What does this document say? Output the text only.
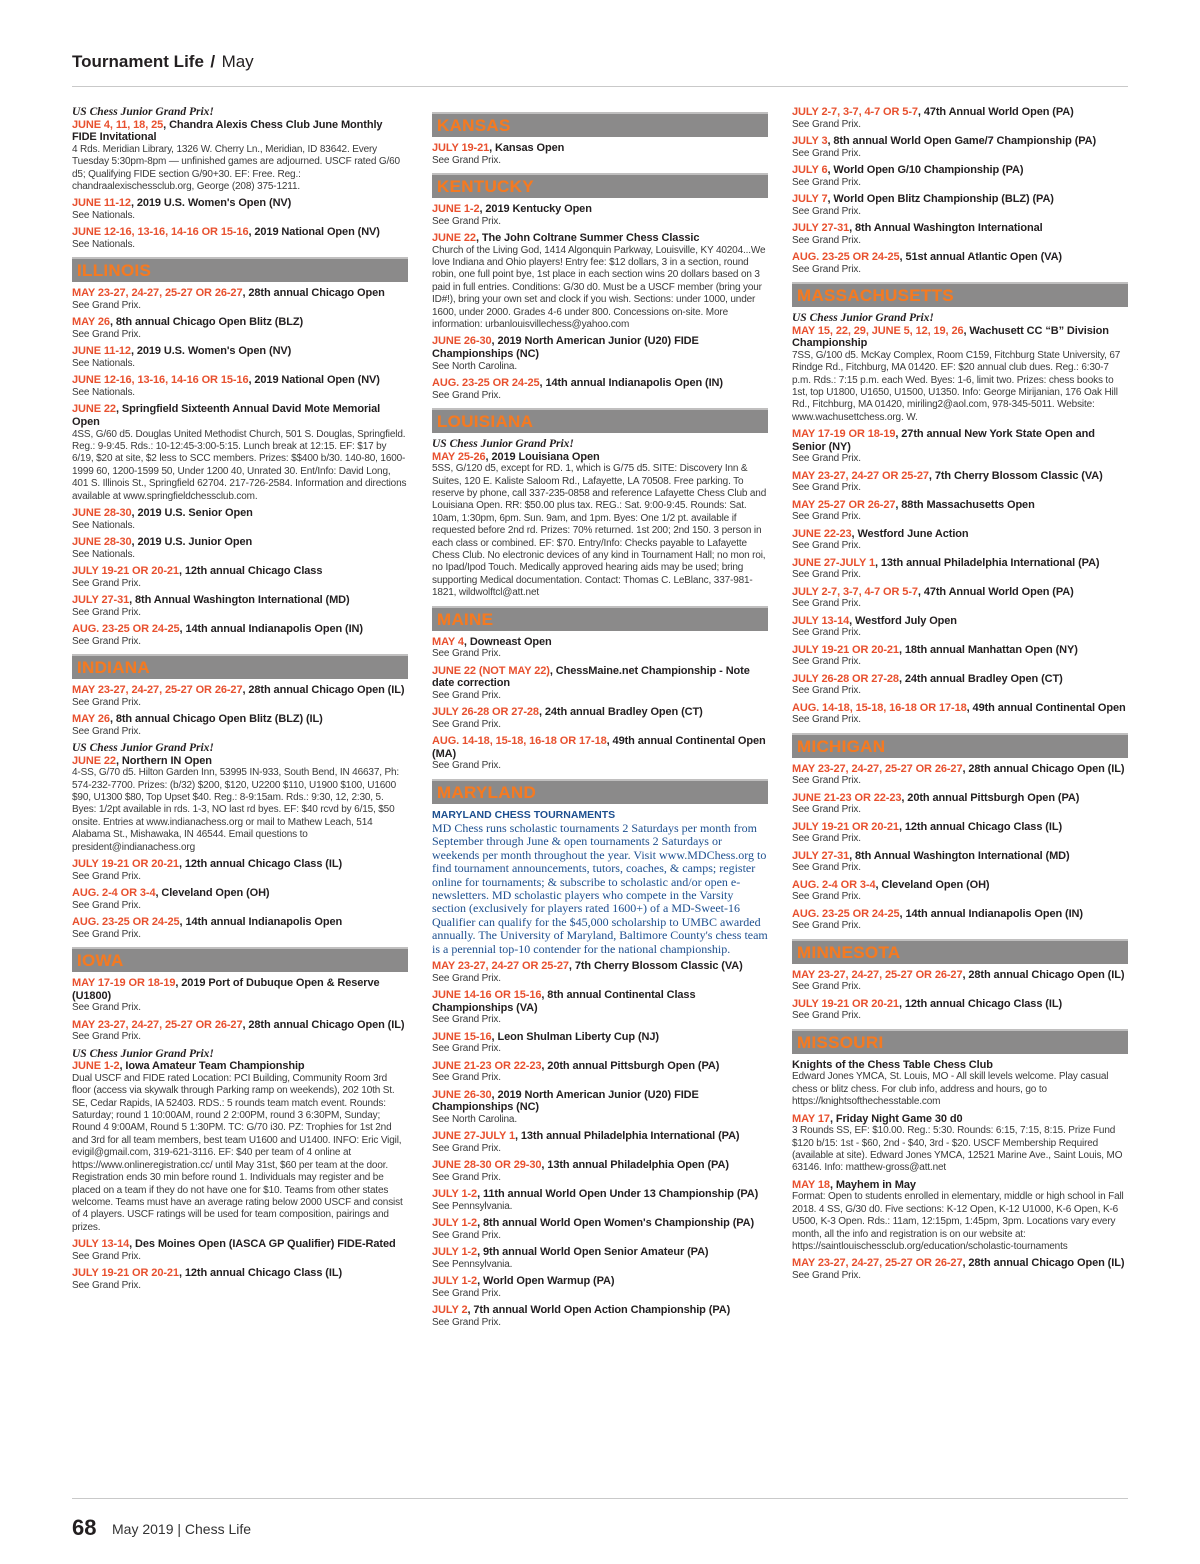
Tournament Life / May
US Chess Junior Grand Prix!
JUNE 4, 11, 18, 25, Chandra Alexis Chess Club June Monthly FIDE Invitational
4 Rds. Meridian Library, 1326 W. Cherry Ln., Meridian, ID 83642. Every Tuesday 5:30pm-8pm — unfinished games are adjourned. USCF rated G/60 d5; Qualifying FIDE section G/90+30. EF: Free. Reg.: chandraalexischessclub.org, George (208) 375-1211.
JUNE 11-12, 2019 U.S. Women's Open (NV)
See Nationals.
JUNE 12-16, 13-16, 14-16 OR 15-16, 2019 National Open (NV)
See Nationals.
ILLINOIS
MAY 23-27, 24-27, 25-27 OR 26-27, 28th annual Chicago Open
See Grand Prix.
MAY 26, 8th annual Chicago Open Blitz (BLZ)
See Grand Prix.
JUNE 11-12, 2019 U.S. Women's Open (NV)
See Nationals.
JUNE 12-16, 13-16, 14-16 OR 15-16, 2019 National Open (NV)
See Nationals.
JUNE 22, Springfield Sixteenth Annual David Mote Memorial Open
4SS, G/60 d5. Douglas United Methodist Church, 501 S. Douglas, Springfield. Reg.: 9-9:45. Rds.: 10-12:45-3:00-5:15. Lunch break at 12:15. EF: $17 by 6/19, $20 at site, $2 less to SCC members. Prizes: $$400 b/30. 140-80, 1600-1999 60, 1200-1599 50, Under 1200 40, Unrated 30. Ent/Info: David Long, 401 S. Illinois St., Springfield 62704. 217-726-2584. Information and directions available at www.springfieldchessclub.com.
JUNE 28-30, 2019 U.S. Senior Open
See Nationals.
JUNE 28-30, 2019 U.S. Junior Open
See Nationals.
JULY 19-21 OR 20-21, 12th annual Chicago Class
See Grand Prix.
JULY 27-31, 8th Annual Washington International (MD)
See Grand Prix.
AUG. 23-25 OR 24-25, 14th annual Indianapolis Open (IN)
See Grand Prix.
INDIANA
MAY 23-27, 24-27, 25-27 OR 26-27, 28th annual Chicago Open (IL)
See Grand Prix.
MAY 26, 8th annual Chicago Open Blitz (BLZ) (IL)
See Grand Prix.
US Chess Junior Grand Prix!
JUNE 22, Northern IN Open
4-SS, G/70 d5. Hilton Garden Inn, 53995 IN-933, South Bend, IN 46637, Ph: 574-232-7700. Prizes: (b/32) $200, $120, U2200 $110, U1900 $100, U1600 $90, U1300 $80, Top Upset $40. Reg.: 8-9:15am. Rds.: 9:30, 12, 2:30, 5. Byes: 1/2pt available in rds. 1-3, NO last rd byes. EF: $40 rcvd by 6/15, $50 onsite. Entries at www.indianachess.org or mail to Mathew Leach, 514 Alabama St., Mishawaka, IN 46544. Email questions to president@indianachess.org
JULY 19-21 OR 20-21, 12th annual Chicago Class (IL)
See Grand Prix.
AUG. 2-4 OR 3-4, Cleveland Open (OH)
See Grand Prix.
AUG. 23-25 OR 24-25, 14th annual Indianapolis Open
See Grand Prix.
IOWA
MAY 17-19 OR 18-19, 2019 Port of Dubuque Open & Reserve (U1800)
See Grand Prix.
MAY 23-27, 24-27, 25-27 OR 26-27, 28th annual Chicago Open (IL)
See Grand Prix.
US Chess Junior Grand Prix!
JUNE 1-2, Iowa Amateur Team Championship
Dual USCF and FIDE rated Location: PCI Building, Community Room 3rd floor (access via skywalk through Parking ramp on weekends), 202 10th St. SE, Cedar Rapids, IA 52403. RDS.: 5 rounds team match event. Rounds: Saturday; round 1 10:00AM, round 2 2:00PM, round 3 6:30PM, Sunday; Round 4 9:00AM, Round 5 1:30PM. TC: G/70 i30. PZ: Trophies for 1st 2nd and 3rd for all team members, best team U1600 and U1400. INFO: Eric Vigil, evigil@gmail.com, 319-621-3116. EF: $40 per team of 4 online at https://www.onlineregistration.cc/ until May 31st, $60 per team at the door. Registration ends 30 min before round 1. Individuals may register and be placed on a team if they do not have one for $10. Teams from other states welcome. Teams must have an average rating below 2000 USCF and consist of 4 players. USCF ratings will be used for team composition, pairings and prizes.
JULY 13-14, Des Moines Open (IASCA GP Qualifier) FIDE-Rated
See Grand Prix.
JULY 19-21 OR 20-21, 12th annual Chicago Class (IL)
See Grand Prix.
KANSAS
JULY 19-21, Kansas Open
See Grand Prix.
KENTUCKY
JUNE 1-2, 2019 Kentucky Open
See Grand Prix.
JUNE 22, The John Coltrane Summer Chess Classic
Church of the Living God, 1414 Algonquin Parkway, Louisville, KY 40204...We love Indiana and Ohio players! Entry fee: $12 dollars, 3 in a section, round robin, one full point bye, 1st place in each section wins 20 dollars based on 3 paid in full entries. Conditions: G/30 d0. Must be a USCF member (bring your ID#!), bring your own set and clock if you wish. Sections: under 1000, under 1600, under 2000. Grades 4-6 under 800. Concessions on-site. More information: urbanlouisvillechess@yahoo.com
JUNE 26-30, 2019 North American Junior (U20) FIDE Championships (NC)
See North Carolina.
AUG. 23-25 OR 24-25, 14th annual Indianapolis Open (IN)
See Grand Prix.
LOUISIANA
US Chess Junior Grand Prix!
MAY 25-26, 2019 Louisiana Open
5SS, G/120 d5, except for RD. 1, which is G/75 d5. SITE: Discovery Inn & Suites, 120 E. Kaliste Saloom Rd., Lafayette, LA 70508. Free parking. To reserve by phone, call 337-235-0858 and reference Lafayette Chess Club and Louisiana Open. RR: $50.00 plus tax. REG.: Sat. 9:00-9:45. Rounds: Sat. 10am, 1:30pm, 6pm. Sun. 9am, and 1pm. Byes: One 1/2 pt. available if requested before 2nd rd. Prizes: 70% returned. 1st 200; 2nd 150. 3 person in each class or combined. EF: $70. Entry/Info: Checks payable to Lafayette Chess Club. No electronic devices of any kind in Tournament Hall; no mon roi, no Ipad/Ipod Touch. Medically approved hearing aids may be used; bring supporting Medical documentation. Contact: Thomas C. LeBlanc, 337-981-1821, wildwolftcl@att.net
MAINE
MAY 4, Downeast Open
See Grand Prix.
JUNE 22 (NOT MAY 22), ChessMaine.net Championship - Note date correction
See Grand Prix.
JULY 26-28 OR 27-28, 24th annual Bradley Open (CT)
See Grand Prix.
AUG. 14-18, 15-18, 16-18 OR 17-18, 49th annual Continental Open (MA)
See Grand Prix.
MARYLAND
MARYLAND CHESS TOURNAMENTS
MD Chess runs scholastic tournaments 2 Saturdays per month from September through June & open tournaments 2 Saturdays or weekends per month throughout the year. Visit www.MDChess.org to find tournament announcements, tutors, coaches, & camps; register online for tournaments; & subscribe to scholastic and/or open e-newsletters. MD scholastic players who compete in the Varsity section (exclusively for players rated 1600+) of a MD-Sweet-16 Qualifier can qualify for the $45,000 scholarship to UMBC awarded annually. The University of Maryland, Baltimore County's chess team is a perennial top-10 contender for the national championship.
MAY 23-27, 24-27 OR 25-27, 7th Cherry Blossom Classic (VA)
See Grand Prix.
JUNE 14-16 OR 15-16, 8th annual Continental Class Championships (VA)
See Grand Prix.
JUNE 15-16, Leon Shulman Liberty Cup (NJ)
See Grand Prix.
JUNE 21-23 OR 22-23, 20th annual Pittsburgh Open (PA)
See Grand Prix.
JUNE 26-30, 2019 North American Junior (U20) FIDE Championships (NC)
See North Carolina.
JUNE 27-JULY 1, 13th annual Philadelphia International (PA)
See Grand Prix.
JUNE 28-30 OR 29-30, 13th annual Philadelphia Open (PA)
See Grand Prix.
JULY 1-2, 11th annual World Open Under 13 Championship (PA)
See Pennsylvania.
JULY 1-2, 8th annual World Open Women's Championship (PA)
See Grand Prix.
JULY 1-2, 9th annual World Open Senior Amateur (PA)
See Pennsylvania.
JULY 1-2, World Open Warmup (PA)
See Grand Prix.
JULY 2, 7th annual World Open Action Championship (PA)
See Grand Prix.
JULY 2-7, 3-7, 4-7 OR 5-7, 47th Annual World Open (PA)
See Grand Prix.
JULY 3, 8th annual World Open Game/7 Championship (PA)
See Grand Prix.
JULY 6, World Open G/10 Championship (PA)
See Grand Prix.
JULY 7, World Open Blitz Championship (BLZ) (PA)
See Grand Prix.
JULY 27-31, 8th Annual Washington International
See Grand Prix.
AUG. 23-25 OR 24-25, 51st annual Atlantic Open (VA)
See Grand Prix.
MASSACHUSETTS
US Chess Junior Grand Prix!
MAY 15, 22, 29, JUNE 5, 12, 19, 26, Wachusett CC “B” Division Championship
7SS, G/100 d5. McKay Complex, Room C159, Fitchburg State University, 67 Rindge Rd., Fitchburg, MA 01420. EF: $20 annual club dues. Reg.: 6:30-7 p.m. Rds.: 7:15 p.m. each Wed. Byes: 1-6, limit two. Prizes: chess books to 1st, top U1800, U1650, U1500, U1350. Info: George Mirijanian, 176 Oak Hill Rd., Fitchburg, MA 01420, miriling2@aol.com, 978-345-5011. Website: www.wachusettchess.org. W.
MAY 17-19 OR 18-19, 27th annual New York State Open and Senior (NY)
See Grand Prix.
MAY 23-27, 24-27 OR 25-27, 7th Cherry Blossom Classic (VA)
See Grand Prix.
MAY 25-27 OR 26-27, 88th Massachusetts Open
See Grand Prix.
JUNE 22-23, Westford June Action
See Grand Prix.
JUNE 27-JULY 1, 13th annual Philadelphia International (PA)
See Grand Prix.
JULY 2-7, 3-7, 4-7 OR 5-7, 47th Annual World Open (PA)
See Grand Prix.
JULY 13-14, Westford July Open
See Grand Prix.
JULY 19-21 OR 20-21, 18th annual Manhattan Open (NY)
See Grand Prix.
JULY 26-28 OR 27-28, 24th annual Bradley Open (CT)
See Grand Prix.
AUG. 14-18, 15-18, 16-18 OR 17-18, 49th annual Continental Open
See Grand Prix.
MICHIGAN
MAY 23-27, 24-27, 25-27 OR 26-27, 28th annual Chicago Open (IL)
See Grand Prix.
JUNE 21-23 OR 22-23, 20th annual Pittsburgh Open (PA)
See Grand Prix.
JULY 19-21 OR 20-21, 12th annual Chicago Class (IL)
See Grand Prix.
JULY 27-31, 8th Annual Washington International (MD)
See Grand Prix.
AUG. 2-4 OR 3-4, Cleveland Open (OH)
See Grand Prix.
AUG. 23-25 OR 24-25, 14th annual Indianapolis Open (IN)
See Grand Prix.
MINNESOTA
MAY 23-27, 24-27, 25-27 OR 26-27, 28th annual Chicago Open (IL)
See Grand Prix.
JULY 19-21 OR 20-21, 12th annual Chicago Class (IL)
See Grand Prix.
MISSOURI
Knights of the Chess Table Chess Club
Edward Jones YMCA, St. Louis, MO - All skill levels welcome. Play casual chess or blitz chess. For club info, address and hours, go to https://knightsofthechesstable.com
MAY 17, Friday Night Game 30 d0
3 Rounds SS, EF: $10.00. Reg.: 5:30. Rounds: 6:15, 7:15, 8:15. Prize Fund $120 b/15: 1st - $60, 2nd - $40, 3rd - $20. USCF Membership Required (available at site). Edward Jones YMCA, 12521 Marine Ave., Saint Louis, MO 63146. Info: matthew-gross@att.net
MAY 18, Mayhem in May
Format: Open to students enrolled in elementary, middle or high school in Fall 2018. 4 SS, G/30 d0. Five sections: K-12 Open, K-12 U1000, K-6 Open, K-6 U500, K-3 Open. Rds.: 11am, 12:15pm, 1:45pm, 3pm. Locations vary every month, all the info and registration is on our website at: https://saintlouischessclub.org/education/scholastic-tournaments
MAY 23-27, 24-27, 25-27 OR 26-27, 28th annual Chicago Open (IL)
See Grand Prix.
68 May 2019 | Chess Life
